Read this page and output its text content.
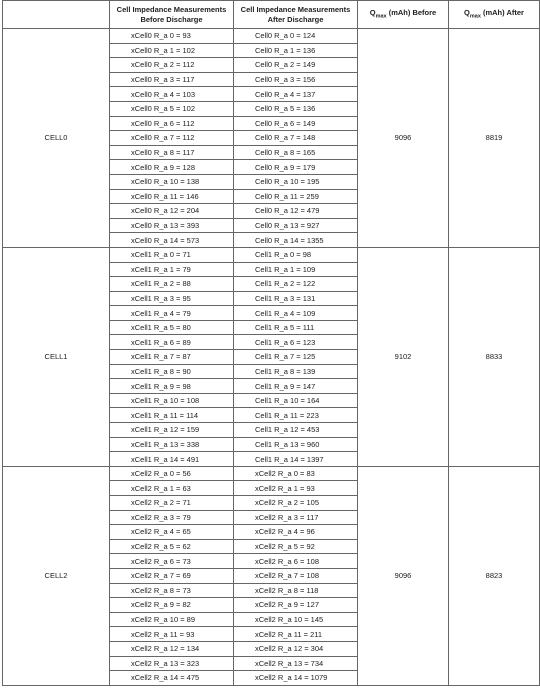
	Cell Impedance Measurements Before Discharge	Cell Impedance Measurements After Discharge	$Q_{max}$ (mAh) Before	$Q_{max}$ (mAh) After
CELL0	xCell0 R_a 0 = 93	Cell0 R_a 0 = 124	9096	8819
	xCell0 R_a 1 = 102	Cell0 R_a 1 = 136		
	xCell0 R_a 2 = 112	Cell0 R_a 2 = 149		
	xCell0 R_a 3 = 117	Cell0 R_a 3 = 156		
	xCell0 R_a 4 = 103	Cell0 R_a 4 = 137		
	xCell0 R_a 5 = 102	Cell0 R_a 5 = 136		
	xCell0 R_a 6 = 112	Cell0 R_a 6 = 149		
	xCell0 R_a 7 = 112	Cell0 R_a 7 = 148		
	xCell0 R_a 8 = 117	Cell0 R_a 8 = 165		
	xCell0 R_a 9 = 128	Cell0 R_a 9 = 179		
	xCell0 R_a 10 = 138	Cell0 R_a 10 = 195		
	xCell0 R_a 11 = 146	Cell0 R_a 11 = 259		
	xCell0 R_a 12 = 204	Cell0 R_a 12 = 479		
	xCell0 R_a 13 = 393	Cell0 R_a 13 = 927		
	xCell0 R_a 14 = 573	Cell0 R_a 14 = 1355		
CELL1	xCell1 R_a 0 = 71	Cell1 R_a 0 = 98	9102	8833
	xCell1 R_a 1 = 79	Cell1 R_a 1 = 109		
	xCell1 R_a 2 = 88	Cell1 R_a 2 = 122		
	xCell1 R_a 3 = 95	Cell1 R_a 3 = 131		
	xCell1 R_a 4 = 79	Cell1 R_a 4 = 109		
	xCell1 R_a 5 = 80	Cell1 R_a 5 = 111		
	xCell1 R_a 6 = 89	Cell1 R_a 6 = 123		
	xCell1 R_a 7 = 87	Cell1 R_a 7 = 125		
	xCell1 R_a 8 = 90	Cell1 R_a 8 = 139		
	xCell1 R_a 9 = 98	Cell1 R_a 9 = 147		
	xCell1 R_a 10 = 108	Cell1 R_a 10 = 164		
	xCell1 R_a 11 = 114	Cell1 R_a 11 = 223		
	xCell1 R_a 12 = 159	Cell1 R_a 12 = 453		
	xCell1 R_a 13 = 338	Cell1 R_a 13 = 960		
	xCell1 R_a 14 = 491	Cell1 R_a 14 = 1397		
CELL2	xCell2 R_a 0 = 56	xCell2 R_a 0 = 83	9096	8823
	xCell2 R_a 1 = 63	xCell2 R_a 1 = 93		
	xCell2 R_a 2 = 71	xCell2 R_a 2 = 105		
	xCell2 R_a 3 = 79	xCell2 R_a 3 = 117		
	xCell2 R_a 4 = 65	xCell2 R_a 4 = 96		
	xCell2 R_a 5 = 62	xCell2 R_a 5 = 92		
	xCell2 R_a 6 = 73	xCell2 R_a 6 = 108		
	xCell2 R_a 7 = 69	xCell2 R_a 7 = 108		
	xCell2 R_a 8 = 73	xCell2 R_a 8 = 118		
	xCell2 R_a 9 = 82	xCell2 R_a 9 = 127		
	xCell2 R_a 10 = 89	xCell2 R_a 10 = 145		
	xCell2 R_a 11 = 93	xCell2 R_a 11 = 211		
	xCell2 R_a 12 = 134	xCell2 R_a 12 = 304		
	xCell2 R_a 13 = 323	xCell2 R_a 13 = 734		
	xCell2 R_a 14 = 475	xCell2 R_a 14 = 1079		
